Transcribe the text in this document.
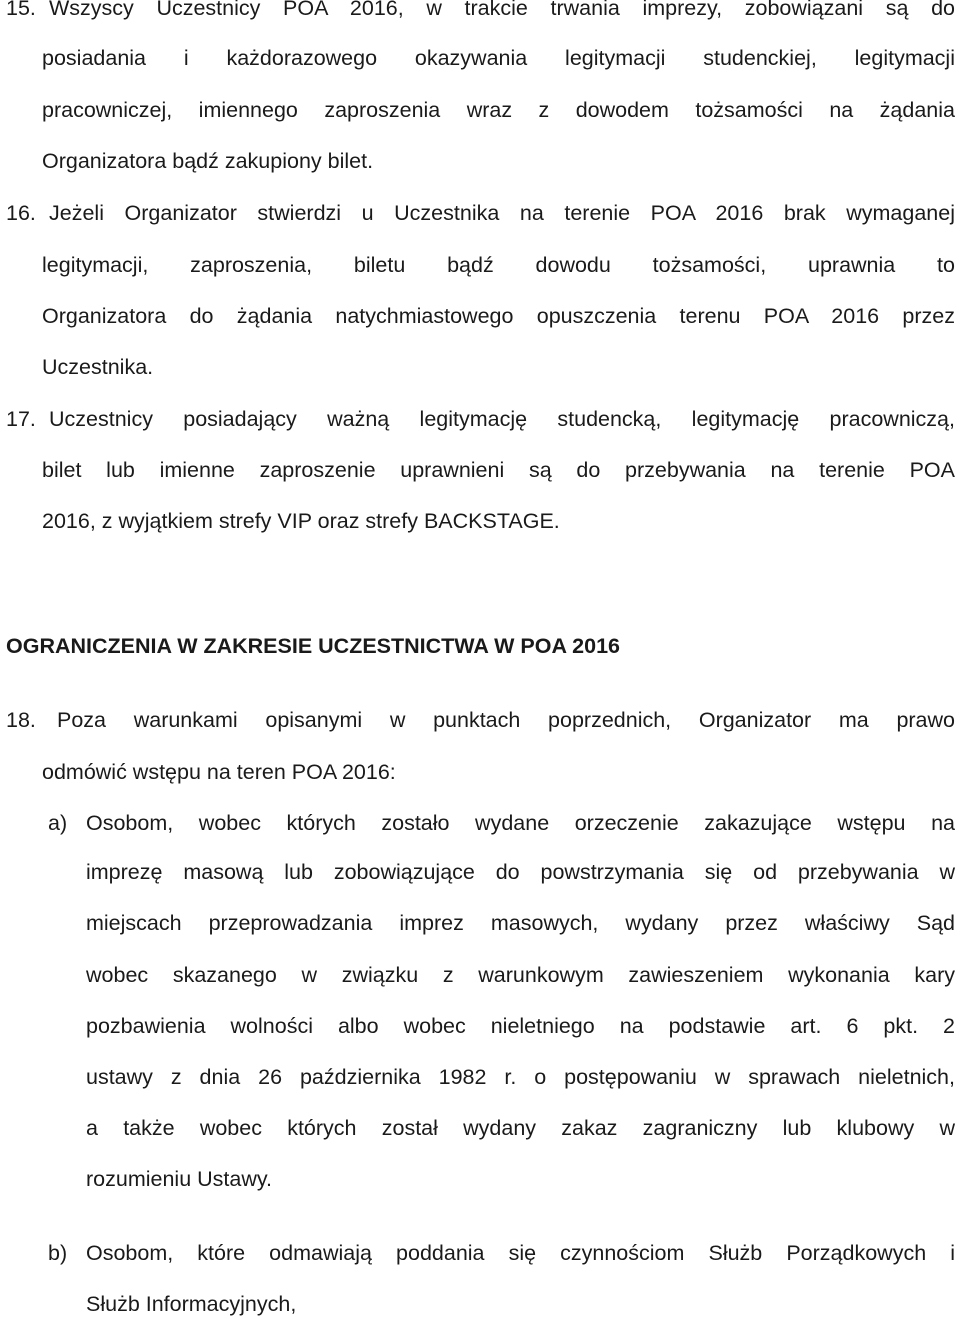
15. Wszyscy Uczestnicy POA 2016, w trakcie trwania imprezy, zobowiązani są do
posiadania i każdorazowego okazywania legitymacji studenckiej, legitymacji
pracowniczej, imiennego zaproszenia wraz z dowodem tożsamości na żądania
Organizatora bądź zakupiony bilet.
16. Jeżeli Organizator stwierdzi u Uczestnika na terenie POA 2016 brak wymaganej
legitymacji, zaproszenia, biletu bądź dowodu tożsamości, uprawnia to
Organizatora do żądania natychmiastowego opuszczenia terenu POA 2016 przez
Uczestnika.
17. Uczestnicy posiadający ważną legitymację studencką, legitymację pracowniczą,
bilet lub imienne zaproszenie uprawnieni są do przebywania na terenie POA
2016, z wyjątkiem strefy VIP oraz strefy BACKSTAGE.
OGRANICZENIA W ZAKRESIE UCZESTNICTWA W POA 2016
18. Poza warunkami opisanymi w punktach poprzednich, Organizator ma prawo
odmówić wstępu na teren POA 2016:
a) Osobom, wobec których zostało wydane orzeczenie zakazujące wstępu na
imprezę masową lub zobowiązujące do powstrzymania się od przebywania w
miejscach przeprowadzania imprez masowych, wydany przez właściwy Sąd
wobec skazanego w związku z warunkowym zawieszeniem wykonania kary
pozbawienia wolności albo wobec nieletniego na podstawie art. 6 pkt. 2
ustawy z dnia 26 października 1982 r. o postępowaniu w sprawach nieletnich,
a także wobec których został wydany zakaz zagraniczny lub klubowy w
rozumieniu Ustawy.
b) Osobom, które odmawiają poddania się czynnościom Służb Porządkowych i
Służb Informacyjnych,
